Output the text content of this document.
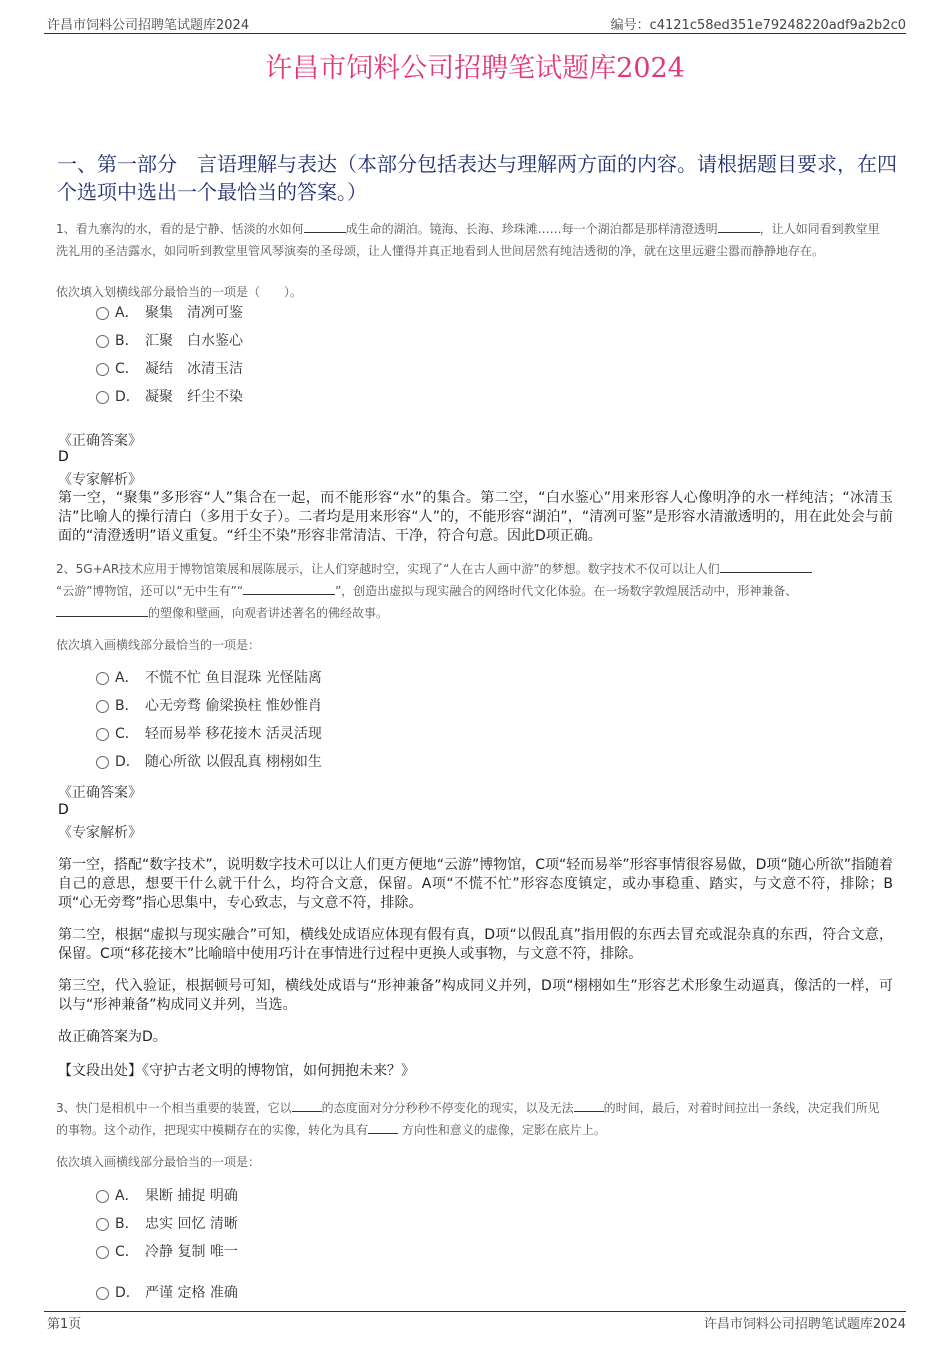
许昌市饲料公司招聘笔试题库2024	编号：c4121c58ed351e79248220adf9a2b2c0
许昌市饲料公司招聘笔试题库2024
一、第一部分　言语理解与表达（本部分包括表达与理解两方面的内容。请根据题目要求，在四个选项中选出一个最恰当的答案。）
1、看九寨沟的水，看的是宁静、恬淡的水如何	成生命的湖泊。镜海、长海、珍珠滩……每一个湖泊都是那样清澄透明	，让人如同看到教堂里洗礼用的圣洁露水，如同听到教堂里管风琴演奏的圣母颂，让人懂得并真正地看到人世间居然有纯洁透彻的净，就在这里远避尘嚣而静静地存在。
依次填入划横线部分最恰当的一项是（　　）。
A． 聚集　清冽可鉴
B． 汇聚　白水鉴心
C． 凝结　冰清玉洁
D． 凝聚　纤尘不染
《正确答案》
D
《专家解析》
第一空，“聚集”多形容“人”集合在一起，而不能形容“水”的集合。第二空，“白水鉴心”用来形容人心像明净的水一样纯洁；“冰清玉洁”比喻人的操行清白（多用于女子）。二者均是用来形容“人”的，不能形容“湖泊”，“清冽可鉴”是形容水清澈透明的，用在此处会与前面的“清澄透明”语义重复。“纤尘不染”形容非常清洁、干净，符合句意。因此D项正确。
2、5G+AR技术应用于博物馆策展和展陈展示，让人们穿越时空，实现了“人在古人画中游”的梦想。数字技术不仅可以让人们
“云游”博物馆，还可以“无中生有”“	”，创造出虚拟与现实融合的网络时代文化体验。在一场数字敦煌展活动中，形神兼备、
的塑像和壁画，向观者讲述著名的佛经故事。
依次填入画横线部分最恰当的一项是：
A． 不慌不忙 鱼目混珠 光怪陆离
B． 心无旁骛 偷梁换柱 惟妙惟肖
C． 轻而易举 移花接木 活灵活现
D． 随心所欲 以假乱真 栩栩如生
《正确答案》
D
《专家解析》
第一空，搭配“数字技术”，说明数字技术可以让人们更方便地“云游”博物馆，C项“轻而易举”形容事情很容易做，D项“随心所欲”指随着自己的意思，想要干什么就干什么，均符合文意，保留。A项“不慌不忙”形容态度镇定，或办事稳重、踏实，与文意不符，排除；B项“心无旁骛”指心思集中，专心致志，与文意不符，排除。
第二空，根据“虚拟与现实融合”可知，横线处成语应体现有假有真，D项“以假乱真”指用假的东西去冒充或混杂真的东西，符合文意，保留。C项“移花接木”比喻暗中使用巧计在事情进行过程中更换人或事物，与文意不符，排除。
第三空，代入验证，根据顿号可知，横线处成语与“形神兼备”构成同义并列，D项“栩栩如生”形容艺术形象生动逼真，像活的一样，可以与“形神兼备”构成同义并列，当选。
故正确答案为D。
【文段出处】《守护古老文明的博物馆，如何拥抱未来？》
3、快门是相机中一个相当重要的装置，它以	的态度面对分分秒秒不停变化的现实，以及无法	的时间，最后，对着时间拉出一条线，决定我们所见的事物。这个动作，把现实中模糊存在的实像，转化为具有	方向性和意义的虚像，定影在底片上。
依次填入画横线部分最恰当的一项是：
A． 果断 捕捉 明确
B． 忠实 回忆 清晰
C． 冷静 复制 唯一
D． 严谨 定格 准确
第1页	许昌市饲料公司招聘笔试题库2024
